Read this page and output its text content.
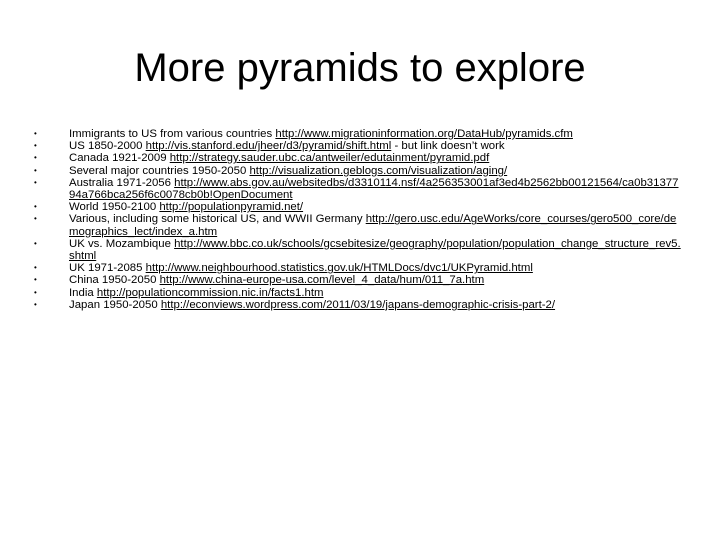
More pyramids to explore
•	Immigrants to US from various countries http://www.migrationinformation.org/DataHub/pyramids.cfm
•	US 1850-2000 http://vis.stanford.edu/jheer/d3/pyramid/shift.html - but link doesn’t work
•	Canada 1921-2009 http://strategy.sauder.ubc.ca/antweiler/edutainment/pyramid.pdf
•	Several major countries 1950-2050 http://visualization.geblogs.com/visualization/aging/
•	Australia 1971-2056 http://www.abs.gov.au/websitedbs/d3310114.nsf/4a256353001af3ed4b2562bb00121564/ca0b3137794a766bca256f6c0078cb0b!OpenDocument
•	World 1950-2100 http://populationpyramid.net/
•	Various, including some historical US, and WWII Germany http://gero.usc.edu/AgeWorks/core_courses/gero500_core/demographics_lect/index_a.htm
•	UK vs. Mozambique http://www.bbc.co.uk/schools/gcsebitesize/geography/population/population_change_structure_rev5.shtml
•	UK 1971-2085 http://www.neighbourhood.statistics.gov.uk/HTMLDocs/dvc1/UKPyramid.html
•	China 1950-2050 http://www.china-europe-usa.com/level_4_data/hum/011_7a.htm
•	India http://populationcommission.nic.in/facts1.htm
•	Japan 1950-2050 http://econviews.wordpress.com/2011/03/19/japans-demographic-crisis-part-2/
